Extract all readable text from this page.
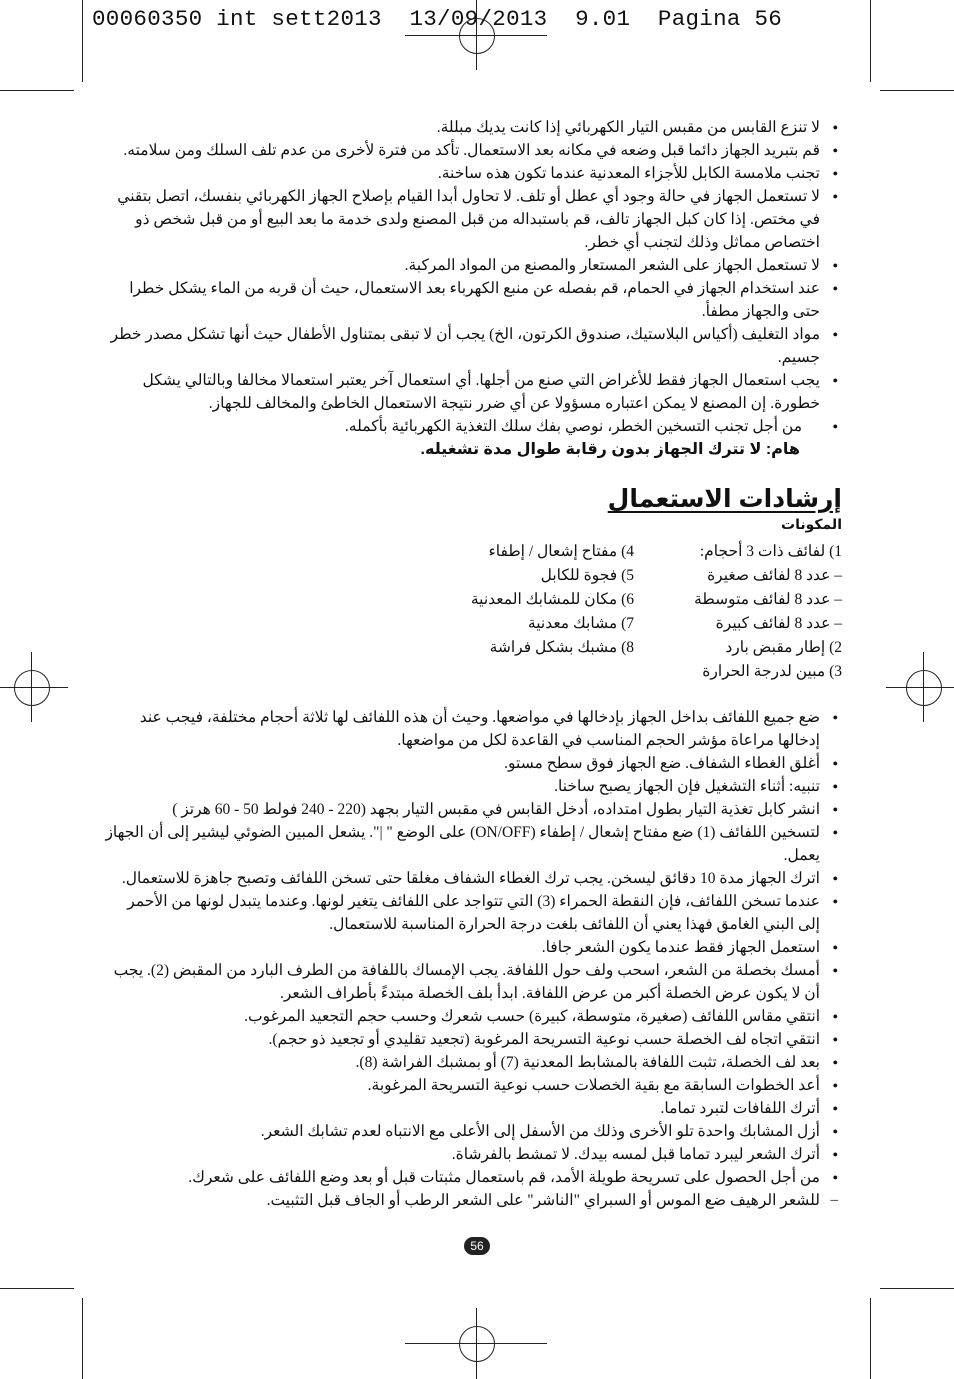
00060350 int sett2013  13/09/2013  9.01  Pagina 56
● لا تنزع القابس من مقبس التيار الكهربائي إذا كانت يديك مبللة.
● قم بتبريد الجهاز دائما قبل وضعه في مكانه بعد الاستعمال. تأكد من فترة لأخرى من عدم تلف السلك ومن سلامته.
● تجنب ملامسة الكابل للأجزاء المعدنية عندما تكون هذه ساخنة.
● لا تستعمل الجهاز في حالة وجود أي عطل أو تلف. لا تحاول أبدا القيام بإصلاح الجهاز الكهربائي بنفسك، اتصل بتقني في مختص. إذا كان كبل الجهاز تالف، قم باستبداله من قبل المصنع ولدى خدمة ما بعد البيع أو من قبل شخص ذو اختصاص مماثل وذلك لتجنب أي خطر.
● لا تستعمل الجهاز على الشعر المستعار والمصنع من المواد المركبة.
● عند استخدام الجهاز في الحمام، قم بفصله عن منبع الكهرباء بعد الاستعمال، حيث أن قربه من الماء يشكل خطرا حتى والجهاز مطفأ.
● مواد التغليف (أكياس البلاستيك، صندوق الكرتون، الخ) يجب أن لا تبقى بمتناول الأطفال حيث أنها تشكل مصدر خطر جسيم.
● يجب استعمال الجهاز فقط للأغراض التي صنع من أجلها. أي استعمال آخر يعتبر استعمالا مخالفا وبالتالي يشكل خطورة. إن المصنع لا يمكن اعتباره مسؤولا عن أي ضرر نتيجة الاستعمال الخاطئ والمخالف للجهاز.
● من أجل تجنب التسخين الخطر، نوصي بفك سلك التغذية الكهربائية بأكمله.
هام: لا تترك الجهاز بدون رقابة طوال مدة تشغيله.
إرشادات الاستعمال
المكونات
1) لفائف ذات 3 أحجام:
– عدد 8 لفائف صغيرة
– عدد 8 لفائف متوسطة
– عدد 8 لفائف كبيرة
2) إطار مقبض بارد
3) مبين لدرجة الحرارة
4) مفتاح إشعال / إطفاء
5) فجوة للكابل
6) مكان للمشابك المعدنية
7) مشابك معدنية
8) مشبك بشكل فراشة
● ضع جميع اللفائف بداخل الجهاز بإدخالها في مواضعها. وحيث أن هذه اللفائف لها ثلاثة أحجام مختلفة، فيجب عند إدخالها مراعاة مؤشر الحجم المناسب في القاعدة لكل من مواضعها.
● أغلق الغطاء الشفاف. ضع الجهاز فوق سطح مستو.
● تنبيه: أثناء التشغيل فإن الجهاز يصبح ساخنا.
● انشر كابل تغذية التيار بطول امتداده، أدخل القابس في مقبس التيار بجهد (220 - 240 فولط 50 - 60 هرتز )
● لتسخين اللفائف (1) ضع مفتاح إشعال / إطفاء (ON/OFF) على الوضع " |". يشعل المبين الضوئي ليشير إلى أن الجهاز يعمل.
● اترك الجهاز مدة 10 دقائق ليسخن. يجب ترك الغطاء الشفاف مغلقا حتى تسخن اللفائف وتصبح جاهزة للاستعمال.
● عندما تسخن اللفائف، فإن النقطة الحمراء (3) التي تتواجد على اللفائف يتغير لونها. وعندما يتبدل لونها من الأحمر إلى البني الغامق فهذا يعني أن اللفائف بلغت درجة الحرارة المناسبة للاستعمال.
● استعمل الجهاز فقط عندما يكون الشعر جافا.
● أمسك بخصلة من الشعر، اسحب ولف حول اللفافة. يجب الإمساك باللفافة من الطرف البارد من المقبض (2). يجب أن لا يكون عرض الخصلة أكبر من عرض اللفافة. ابدأ بلف الخصلة مبتدءً بأطراف الشعر.
● انتقي مقاس اللفائف (صغيرة، متوسطة، كبيرة) حسب شعرك وحسب حجم التجعيد المرغوب.
● انتقي اتجاه لف الخصلة حسب نوعية التسريحة المرغوبة (تجعيد تقليدي أو تجعيد ذو حجم).
● بعد لف الخصلة، تثبت اللفافة بالمشابط المعدنية (7) أو بمشبك الفراشة (8).
● أعد الخطوات السابقة مع بقية الخصلات حسب نوعية التسريحة المرغوبة.
● أترك اللفافات لتبرد تماما.
● أزل المشابك واحدة تلو الأخرى وذلك من الأسفل إلى الأعلى مع الانتباه لعدم تشابك الشعر.
● أترك الشعر ليبرد تماما قبل لمسه بيدك. لا تمشط بالفرشاة.
● من أجل الحصول على تسريحة طويلة الأمد، قم باستعمال مثبتات قبل أو بعد وضع اللفائف على شعرك.
– للشعر الرهيف ضع الموس أو السبراي "الناشر" على الشعر الرطب أو الجاف قبل التثبيت.
56
